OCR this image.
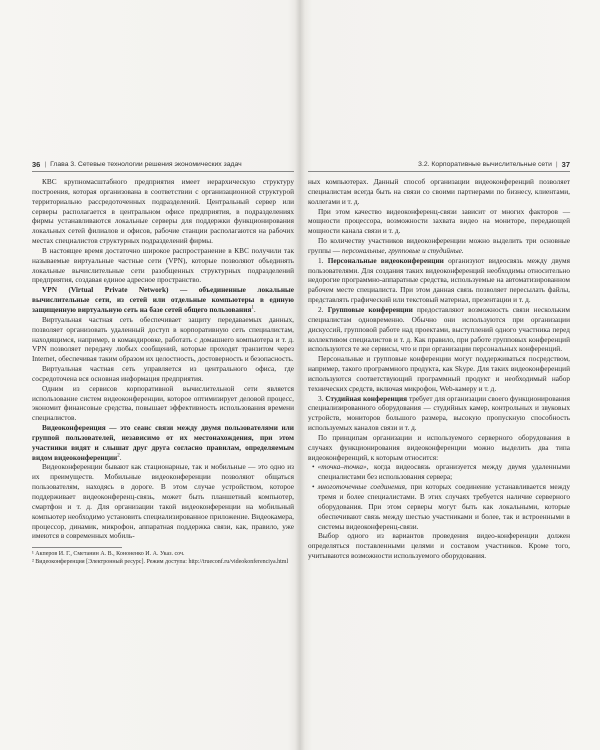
36 | Глава 3. Сетевые технологии решения экономических задач

КВС крупномасштабного предприятия имеет иерархическую структуру построения, которая организована в соответствии с организационной структурой территориально рассредоточенных подразделений. Центральный сервер или серверы располагается в центральном офисе предприятия, в подразделениях фирмы устанавливаются локальные серверы для поддержки функционирования локальных сетей филиалов и офисов, рабочие станции располагаются на рабочих местах специалистов структурных подразделений фирмы.

В настоящее время достаточно широкое распространение в КВС получили так называемые виртуальные частные сети (VPN), которые позволяют объединять локальные вычислительные сети разобщенных структурных подразделений предприятия, создавая единое адресное пространство.

VPN (Virtual Private Network) — объединенные локальные вычислительные сети, из сетей или отдельные компьютеры в единую защищенную виртуальную сеть на базе сетей общего пользования$^1$.

Виртуальная частная сеть обеспечивает защиту передаваемых данных, позволяет организовать удаленный доступ в корпоративную сеть специалистам, находящимся, например, в командировке, работать с домашнего компьютера и т. д. VPN позволяет передачу любых сообщений, которые проходят транзитом через Internet, обеспечивая таким образом их целостность, достоверность и безопасность.

Виртуальная частная сеть управляется из центрального офиса, где сосредоточена вся основная информация предприятия.

Одним из сервисов корпоративной вычислительной сети является использование систем видеоконференции, которое оптимизирует деловой процесс, экономит финансовые средства, повышает эффективность использования времени специалистов.

Видеоконференция — это сеанс связи между двумя пользователями или группой пользователей, независимо от их местонахождения, при этом участники видят и слышат друг друга согласно правилам, определяемым видом видеоконференции$^2$.

Видеоконференции бывают как стационарные, так и мобильные — это одно из их преимуществ. Мобильные видеоконференции позволяют общаться пользователям, находясь в дороге. В этом случае устройством, которое поддерживает видеоконференц-связь, может быть планшетный компьютер, смартфон и т. д. Для организации такой видеоконференции на мобильный компьютер необходимо установить специализированное приложение. Видеокамера, процессор, динамик, микрофон, аппаратная поддержка связи, как, правило, уже имеются в современных мобиль-

¹ Акперов И. Г., Сметанин А. В., Кононенко И. А. Указ. соч.
² Видеоконференция [Электронный ресурс]. Режим доступа: http://trueconf.ru/videokonferenciya.html
3.2. Корпоративные вычислительные сети | 37

ных компьютерах. Данный способ организации видеоконференций позволяет специалистам всегда быть на связи со своими партнерами по бизнесу, клиентами, коллегами и т. д.

При этом качество видеоконференц-связи зависит от многих факторов — мощности процессора, возможности захвата видео на мониторе, передающей мощности канала связи и т. д.

По количеству участников видеоконференции можно выделить три основные группы — персональные, групповые и студийные.

1. Персональные видеоконференции организуют видеосвязь между двумя пользователями. Для создания таких видеоконференций необходимы относительно недорогие программно-аппаратные средства, используемые на автоматизированном рабочем месте специалиста. При этом данная связь позволяет пересылать файлы, представлять графический или текстовый материал, презентации и т. д.

2. Групповые конференции предоставляют возможность связи нескольким специалистам одновременно. Обычно они используются при организации дискуссий, групповой работе над проектами, выступлений одного участника перед коллективом специалистов и т. д. Как правило, при работе групповых конференций используются те же сервисы, что и при организации персональных конференций.

Персональные и групповые конференции могут поддерживаться посредством, например, такого программного продукта, как Skype. Для таких видеоконференций используются соответствующий программный продукт и необходимый набор технических средств, включая микрофон, Web-камеру и т. д.

3. Студийная конференция требует для организации своего функционирования специализированного оборудования — студийных камер, контрольных и звуковых устройств, мониторов большого размера, высокую пропускную способность используемых каналов связи и т. д.

По принципам организации и используемого серверного оборудования в случаях функционирования видеоконференции можно выделить два типа видеоконференций, к которым относится:

• «точка–точка», когда видеосвязь организуется между двумя удаленными специалистами без использования сервера;
• многоточечные соединения, при которых соединение устанавливается между тремя и более специалистами. В этих случаях требуется наличие серверного оборудования. При этом серверы могут быть как локальными, которые обеспечивают связь между шестью участниками и более, так и встроенными в системы видеоконференц-связи.

Выбор одного из вариантов проведения видео-конференции должен определяться поставленными целями и составом участников. Кроме того, учитываются возможности используемого оборудования.
